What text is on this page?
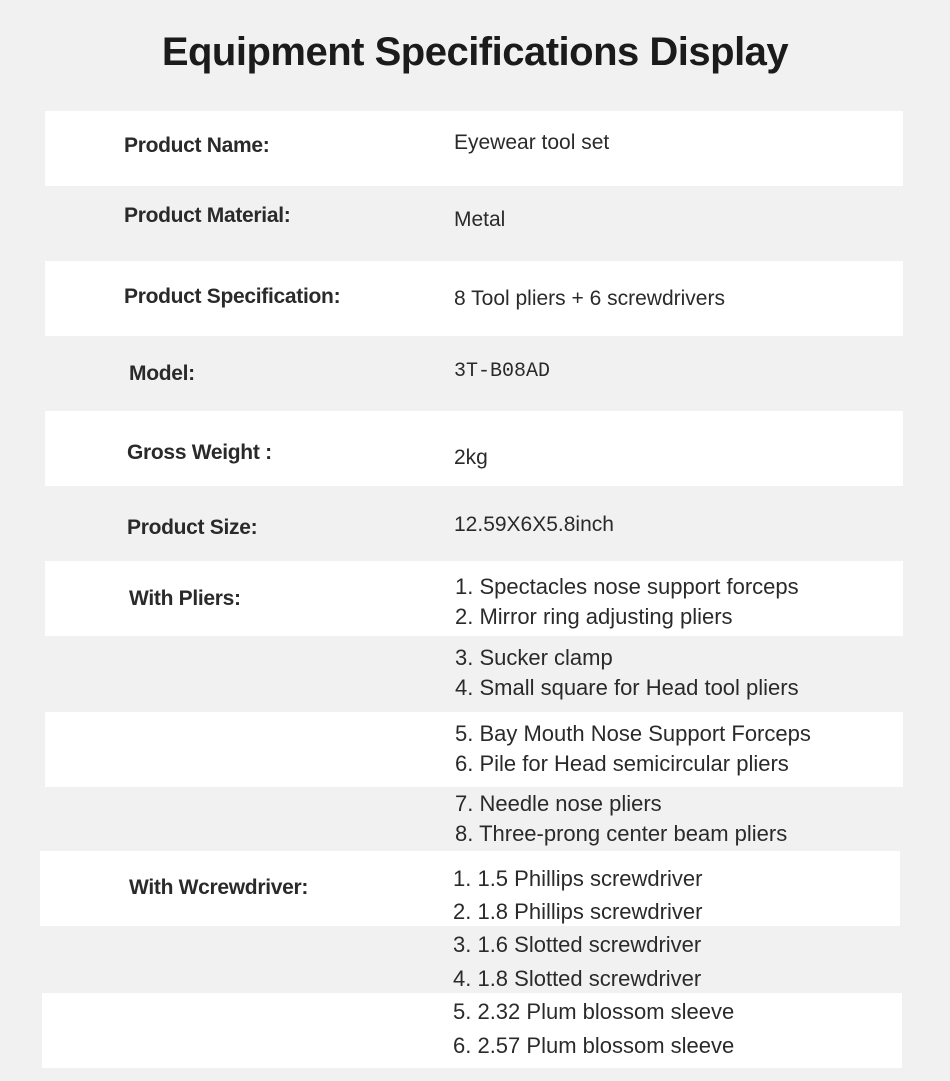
Equipment Specifications Display
Product Name:	Eyewear tool set
Product Material:	Metal
Product Specification:	8 Tool pliers + 6 screwdrivers
Model:	3T-B08AD
Gross Weight :	2kg
Product Size:	12.59X6X5.8inch
With Pliers:	1. Spectacles nose support forceps
2. Mirror ring adjusting pliers
3. Sucker clamp
4. Small square for Head tool pliers
5. Bay Mouth Nose Support Forceps
6. Pile for Head semicircular pliers
7. Needle nose pliers
8. Three-prong center beam pliers
With Wcrewdriver:	1. 1.5 Phillips screwdriver
2. 1.8 Phillips screwdriver
3. 1.6 Slotted screwdriver
4. 1.8 Slotted screwdriver
5. 2.32 Plum blossom sleeve
6. 2.57 Plum blossom sleeve
